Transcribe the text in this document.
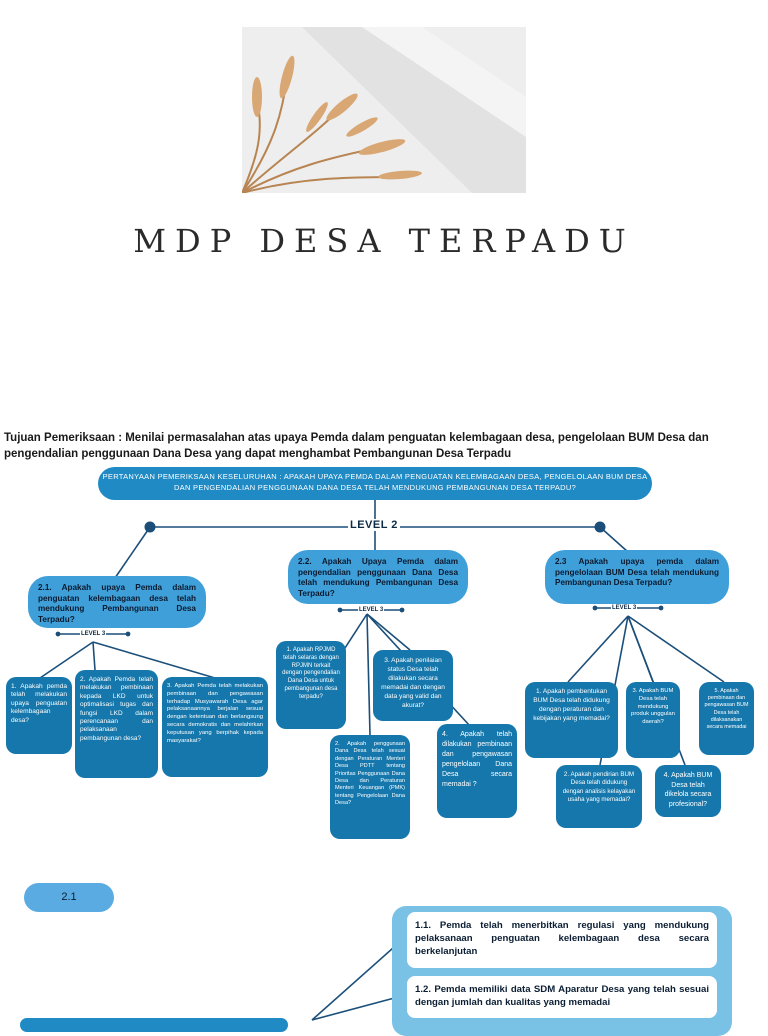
MDP DESA TERPADU
Tujuan Pemeriksaan : Menilai permasalahan atas upaya Pemda dalam penguatan kelembagaan desa, pengelolaan BUM Desa dan pengendalian penggunaan Dana Desa yang dapat menghambat Pembangunan Desa Terpadu
PERTANYAAN PEMERIKSAAN KESELURUHAN : APAKAH UPAYA PEMDA DALAM PENGUATAN KELEMBAGAAN DESA, PENGELOLAAN BUM DESA DAN PENGENDALIAN PENGGUNAAN DANA DESA TELAH MENDUKUNG PEMBANGUNAN DESA TERPADU?
LEVEL 2
LEVEL 3
LEVEL 3	LEVEL 3
2.1. Apakah upaya Pemda dalam penguatan kelembagaan desa telah mendukung Pembangunan Desa Terpadu?
2.2. Apakah Upaya Pemda dalam pengendalian penggunaan Dana Desa telah mendukung Pembangunan Desa Terpadu?
2.3 Apakah upaya pemda dalam pengelolaan BUM Desa telah mendukung Pembangunan Desa Terpadu?
1. Apakah pemda telah melakukan upaya penguatan kelembagaan desa?
2. Apakah Pemda telah melakukan pembinaan kepada LKD untuk optimalisasi tugas dan fungsi LKD dalam perencanaan dan pelaksanaan pembangunan desa?
3. Apakah Pemda telah melakukan pembinaan dan pengawasan terhadap Musyawarah Desa agar pelaksanaannya berjalan sesuai dengan ketentuan dan berlangsung secara demokratis dan melahirkan keputusan yang berpihak kepada masyarakat?
1. Apakah RPJMD telah selaras dengan RPJMN terkait dengan pengendalian Dana Desa untuk pembangunan desa terpadu?
2. Apakah penggunaan Dana Desa telah sesuai dengan Peraturan Menteri Desa PDTT tentang Prioritas Penggunaan Dana Desa dan Peraturan Menteri Keuangan (PMK) tentang Pengelolaan Dana Desa?
3. Apakah penilaian status Desa telah dilakukan secara memadai dan dengan data yang valid dan akurat?
4. Apakah telah dilakukan pembinaan dan pengawasan pengelolaan Dana Desa secara memadai ?
1. Apakah pembentukan BUM Desa telah didukung dengan peraturan dan kebijakan yang memadai?
2. Apakah pendirian BUM Desa telah didukung dengan analisis kelayakan usaha yang memadai?
3. Apakah BUM Desa telah mendukung produk unggulan daerah?
4. Apakah BUM Desa telah dikelola secara profesional?
5. Apakah pembinaan dan pengawasan BUM Desa telah dilaksanakan secara memadai
2.1
1.1. Pemda telah menerbitkan regulasi yang mendukung pelaksanaan penguatan kelembagaan desa secara berkelanjutan
1.2. Pemda memiliki data SDM Aparatur Desa yang telah sesuai dengan jumlah dan kualitas yang memadai
